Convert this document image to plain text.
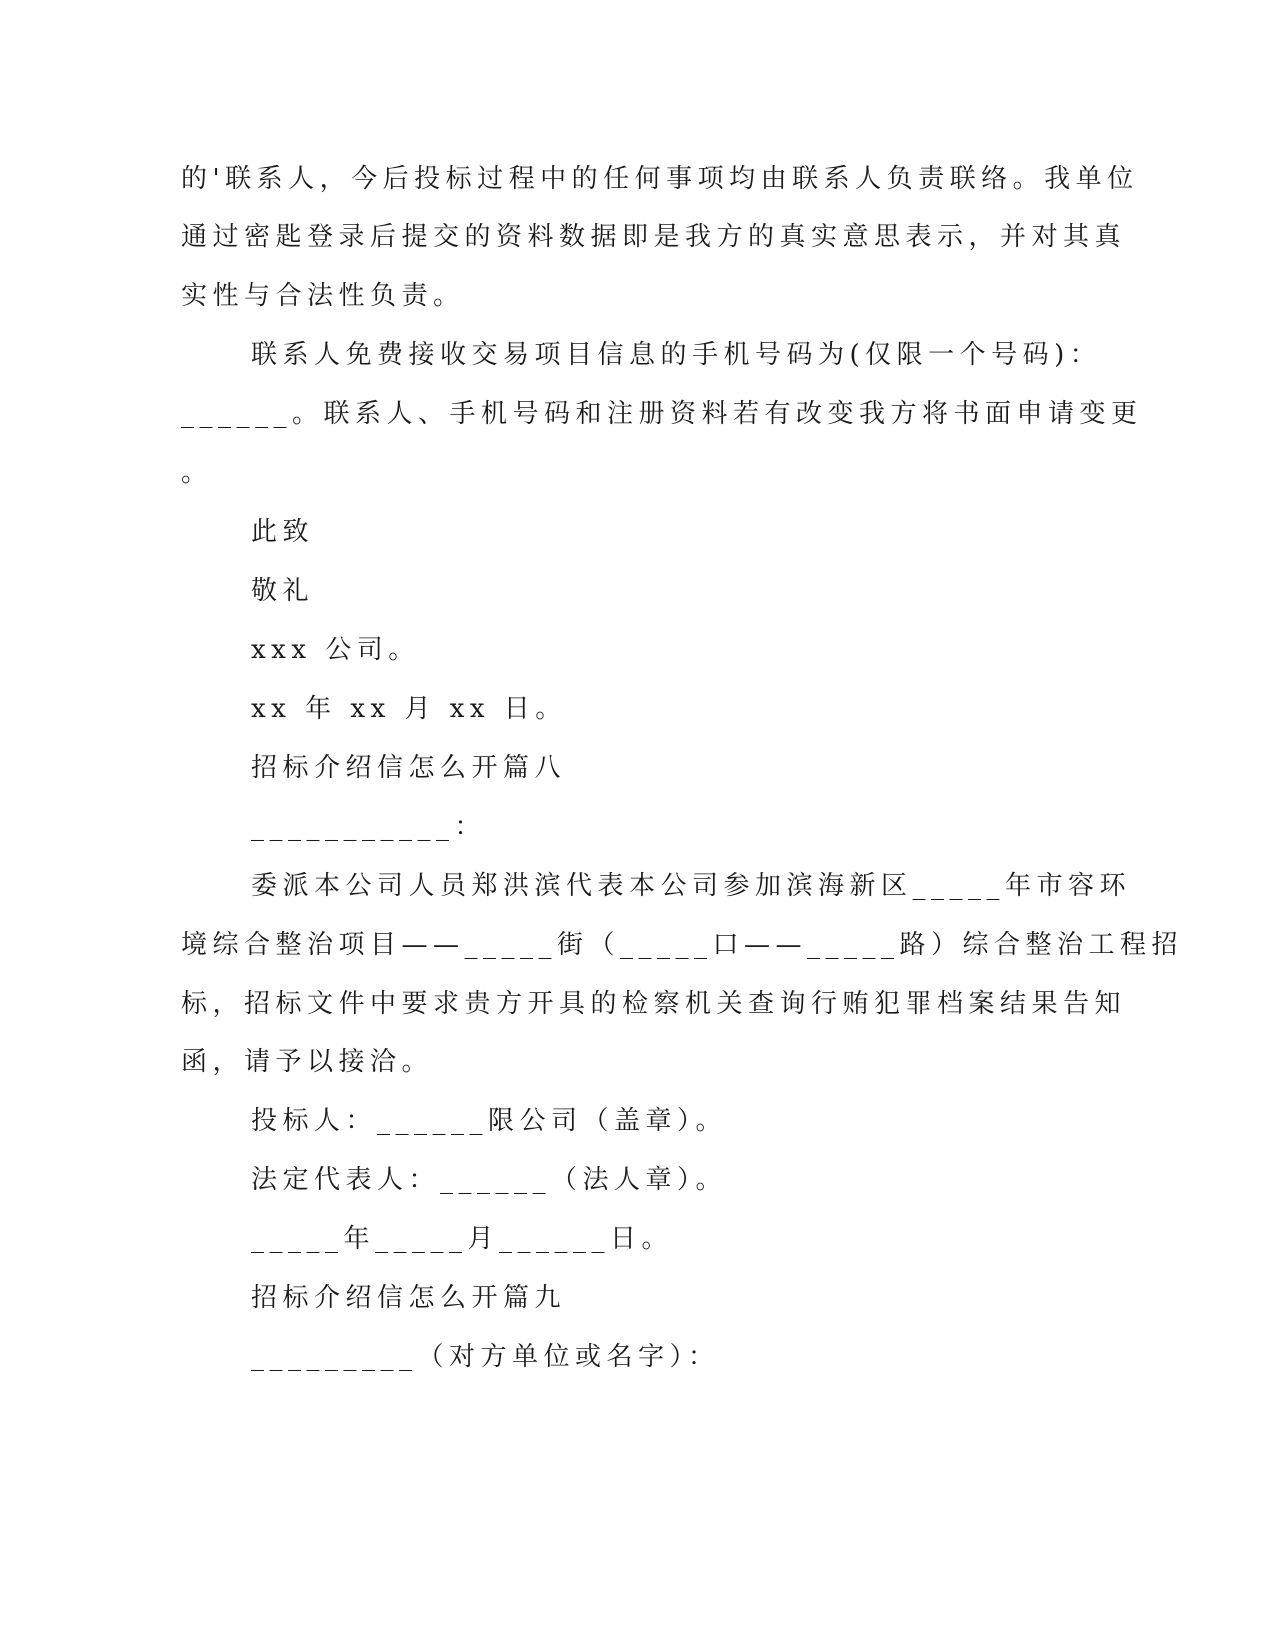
的'联系人，今后投标过程中的任何事项均由联系人负责联络。我单位
通过密匙登录后提交的资料数据即是我方的真实意思表示，并对其真
实性与合法性负责。
联系人免费接收交易项目信息的手机号码为(仅限一个号码)：
______。联系人、手机号码和注册资料若有改变我方将书面申请变更
。
此致
敬礼
xxx 公司。
xx 年 xx 月 xx 日。
招标介绍信怎么开篇八
___________：
委派本公司人员郑洪滨代表本公司参加滨海新区_____年市容环
境综合整治项目——_____街（_____口——_____路）综合整治工程招
标，招标文件中要求贵方开具的检察机关查询行贿犯罪档案结果告知
函，请予以接洽。
投标人：______限公司（盖章）。
法定代表人：______（法人章）。
_____年_____月______日。
招标介绍信怎么开篇九
_________（对方单位或名字）：
